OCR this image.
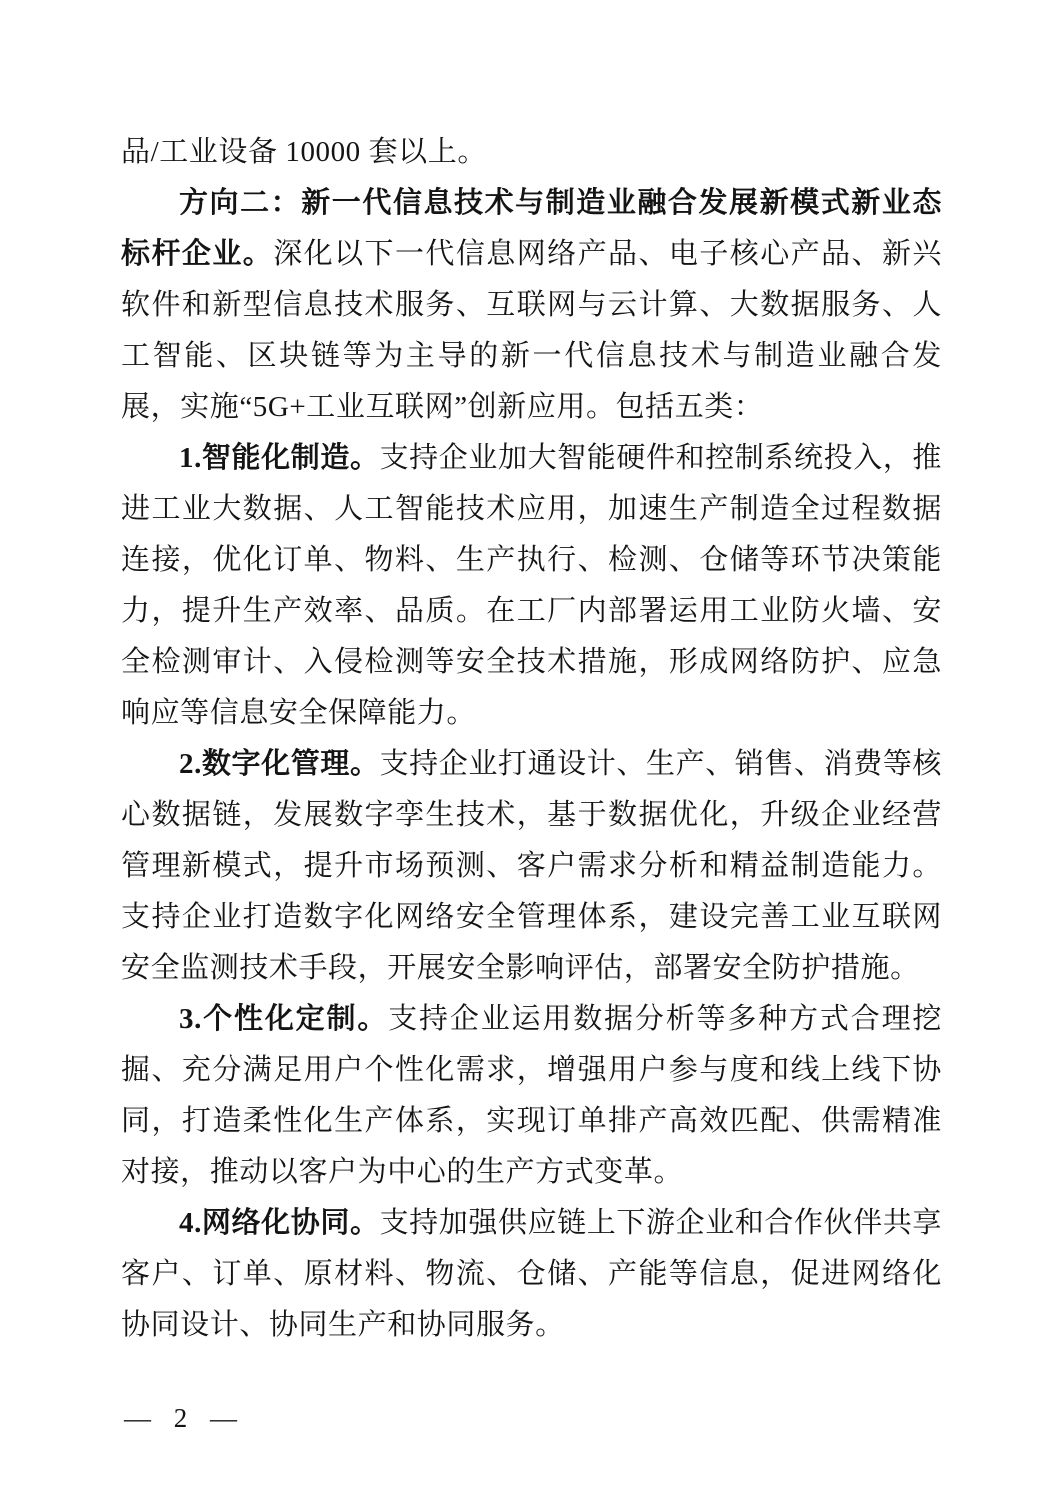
品/工业设备 10000 套以上。

方向二：新一代信息技术与制造业融合发展新模式新业态标杆企业。深化以下一代信息网络产品、电子核心产品、新兴软件和新型信息技术服务、互联网与云计算、大数据服务、人工智能、区块链等为主导的新一代信息技术与制造业融合发展，实施“5G+工业互联网”创新应用。包括五类：

1.智能化制造。支持企业加大智能硬件和控制系统投入，推进工业大数据、人工智能技术应用，加速生产制造全过程数据连接，优化订单、物料、生产执行、检测、仓储等环节决策能力，提升生产效率、品质。在工厂内部署运用工业防火墙、安全检测审计、入侵检测等安全技术措施，形成网络防护、应急响应等信息安全保障能力。

2.数字化管理。支持企业打通设计、生产、销售、消费等核心数据链，发展数字孪生技术，基于数据优化，升级企业经营管理新模式，提升市场预测、客户需求分析和精益制造能力。支持企业打造数字化网络安全管理体系，建设完善工业互联网安全监测技术手段，开展安全影响评估，部署安全防护措施。

3.个性化定制。支持企业运用数据分析等多种方式合理挖掘、充分满足用户个性化需求，增强用户参与度和线上线下协同，打造柔性化生产体系，实现订单排产高效匹配、供需精准对接，推动以客户为中心的生产方式变革。

4.网络化协同。支持加强供应链上下游企业和合作伙伴共享客户、订单、原材料、物流、仓储、产能等信息，促进网络化协同设计、协同生产和协同服务。

— 2 —
